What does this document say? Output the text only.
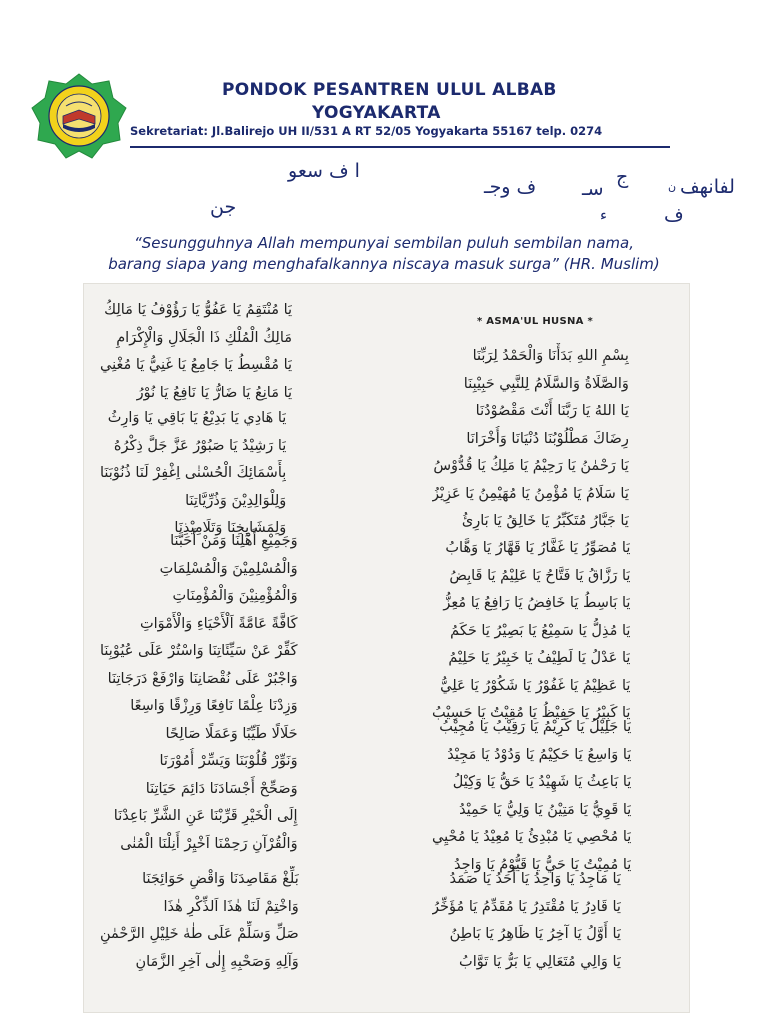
PONDOK PESANTREN ULUL ALBAB
YOGYAKARTA
Sekretariat: Jl.Balirejo UH II/531 A RT 52/05 Yogyakarta 55167 telp. 0274
ا ف سعو
جن
ف وجـ	ج
سـ
ء
لفانهف
ف
ن
“Sesungguhnya Allah mempunyai sembilan puluh sembilan nama,
barang siapa yang menghafalkannya niscaya masuk surga” (HR. Muslim)
* ASMA'UL HUSNA *
بِسْمِ اللهِ بَدَأْنَا وَالْحَمْدُ لِرَبِّنَا
وَالصَّلَاةُ وَالسَّلَامُ لِلنَّبِي حَبِيْبِنَا
يَا اللهُ يَا رَبَّنَا أَنْتَ مَقْصُوْدُنَا
رِضَاكَ مَطْلُوْبُنَا دُنْيَانَا وَأُخْرَانَا
يَا رَحْمٰنُ يَا رَحِيْمُ يَا مَلِكُ يَا قُدُّوْسُ
يَا سَلَامُ يَا مُؤْمِنُ يَا مُهَيْمِنُ يَا عَزِيْزُ
يَا جَبَّارُ مُتَكَبِّرُ يَا خَالِقُ يَا بَارِئُ
يَا مُصَوِّرُ يَا غَفَّارُ يَا قَهَّارُ يَا وَهَّابُ
يَا رَزَّاقُ يَا فَتَّاحُ يَا عَلِيْمُ يَا قَابِضُ
يَا بَاسِطُ يَا خَافِضُ يَا رَافِعُ يَا مُعِزُّ
يَا مُذِلُّ يَا سَمِيْعُ يَا بَصِيْرُ يَا حَكَمُ
يَا عَدْلُ يَا لَطِيْفُ يَا خَبِيْرُ يَا حَلِيْمُ
يَا عَظِيْمُ يَا غَفُوْرُ يَا شَكُوْرُ يَا عَلِيُّ
يَا كَبِيْرُ يَا حَفِيْظُ يَا مُقِيْتُ يَا حَسِيْبُ
يَا جَلِيْلُ يَا كَرِيْمُ يَا رَقِيْبُ يَا مُجِيْبُ
يَا وَاسِعُ يَا حَكِيْمُ يَا وَدُوْدُ يَا مَجِيْدُ
يَا بَاعِثُ يَا شَهِيْدُ يَا حَقُّ يَا وَكِيْلُ
يَا قَوِيُّ يَا مَتِيْنُ يَا وَلِيُّ يَا حَمِيْدُ
يَا مُحْصِي يَا مُبْدِئُ يَا مُعِيْدُ يَا مُحْيِي
يَا مُمِيْتُ يَا حَيُّ يَا قَيُّوْمُ يَا وَاجِدُ
يَا مَاجِدُ يَا وَاحِدُ يَا أَحَدُ يَا صَمَدُ
يَا قَادِرُ يَا مُقْتَدِرُ يَا مُقَدِّمُ يَا مُؤَخِّرُ
يَا أَوَّلُ يَا آخِرُ يَا ظَاهِرُ يَا بَاطِنُ
يَا وَالِي مُتَعَالِي يَا بَرُّ يَا تَوَّابُ
يَا مُنْتَقِمُ يَا عَفُوُّ يَا رَؤُوْفُ يَا مَالِكُ
مَالِكُ الْمُلْكِ ذَا الْجَلَالِ وَالْإِكْرَامِ
يَا مُقْسِطُ يَا جَامِعُ يَا غَنِيُّ يَا مُغْنِي
يَا مَانِعُ يَا ضَارُّ يَا نَافِعُ يَا نُوْرُ
يَا هَادِي يَا بَدِيْعُ يَا بَاقِي يَا وَارِثُ
يَا رَشِيْدُ يَا صَبُوْرُ عَزَّ جَلَّ ذِكْرُهُ
بِأَسْمَائِكَ الْحُسْنٰى اِغْفِرْ لَنَا ذُنُوْبَنَا
وَلِلْوَالِدِيْنَ وَذُرِّيَّاتِنَا
وَلِمَشَايِخِنَا وَتَلَامِيْذِنَا
وَجَمِيْعِ أَهْلِنَا وَمَنْ أَحَبَّنَا
وَالْمُسْلِمِيْنَ وَالْمُسْلِمَاتِ
وَالْمُؤْمِنِيْنَ وَالْمُؤْمِنَاتِ
كَافَّةً عَامَّةً اَلْأَحْيَاءِ وَالْأَمْوَاتِ
كَفِّرْ عَنْ سَيِّئَاتِنَا وَاسْتُرْ عَلَى عُيُوْبِنَا
وَاجْبُرْ عَلَى نُقْصَانِنَا وَارْفَعْ دَرَجَاتِنَا
وَزِدْنَا عِلْمًا نَافِعًا وَرِزْقًا وَاسِعًا
حَلَالًا طَيِّبًا وَعَمَلًا صَالِحًا
وَنَوِّرْ قُلُوْبَنَا وَيَسِّرْ أُمُوْرَنَا
وَصَحِّحْ أَجْسَادَنَا دَائِمَ حَيَاتِنَا
إِلَى الْخَيْرِ قَرِّبْنَا عَنِ الشَّرِّ بَاعِدْنَا
وَالْقُرْآنِ رَحِمْنَا اَخْيِرْ أَنِلْنَا الْمُنٰى
بَلِّغْ مَقَاصِدَنَا وَاقْضِ حَوَائِجَنَا
وَاخْتِمْ لَنَا هٰذَا اَلذِّكْرِ هٰذَا
صَلِّ وَسَلِّمْ عَلَى طٰهٰ خَلِيْلِ الرَّحْمٰنِ
وَآلِهِ وَصَحْبِهِ إِلٰى آخِرِ الزَّمَانِ
